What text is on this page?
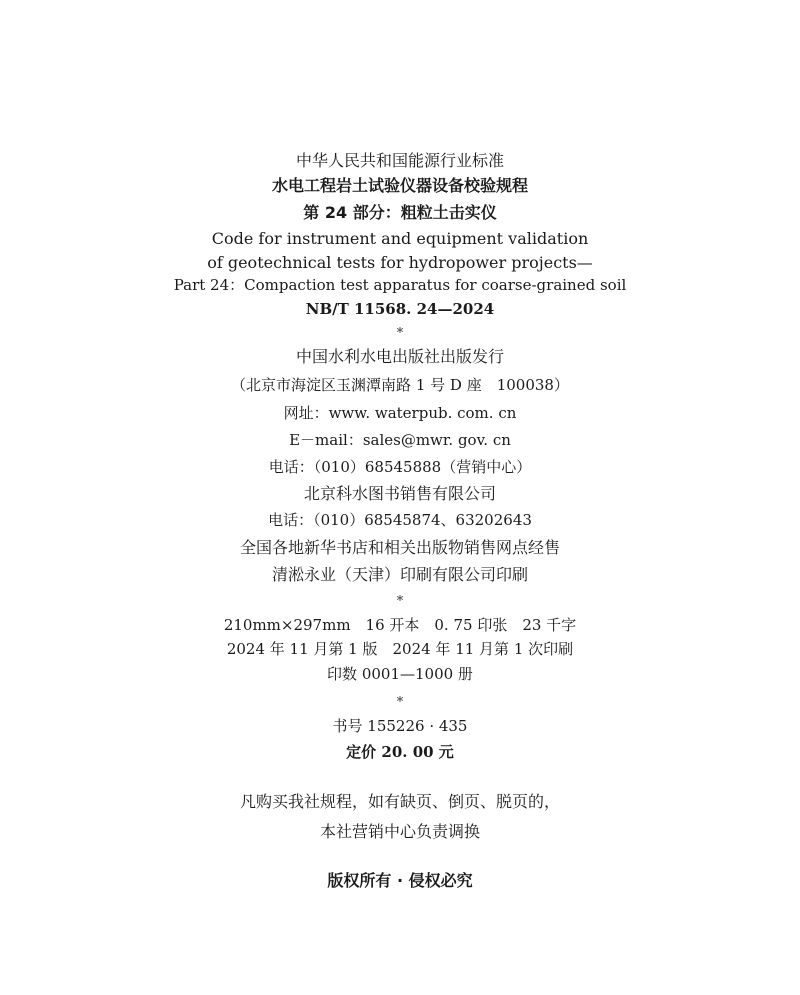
中华人民共和国能源行业标准
水电工程岩土试验仪器设备校验规程
第 24 部分：粗粒土击实仪
Code for instrument and equipment validation
of geotechnical tests for hydropower projects—
Part 24：Compaction test apparatus for coarse-grained soil
NB/T 11568. 24—2024
*
中国水利水电出版社出版发行
（北京市海淀区玉渊潭南路 1 号 D 座　100038）
网址：www. waterpub. com. cn
E－mail：sales@mwr. gov. cn
电话：（010）68545888（营销中心）
北京科水图书销售有限公司
电话：（010）68545874、63202643
全国各地新华书店和相关出版物销售网点经售
清淞永业（天津）印刷有限公司印刷
*
210mm×297mm　16 开本　0. 75 印张　23 千字
2024 年 11 月第 1 版　2024 年 11 月第 1 次印刷
印数 0001—1000 册
*
书号 155226 · 435
定价 20. 00 元
凡购买我社规程，如有缺页、倒页、脱页的，
本社营销中心负责调换
版权所有 · 侵权必究
